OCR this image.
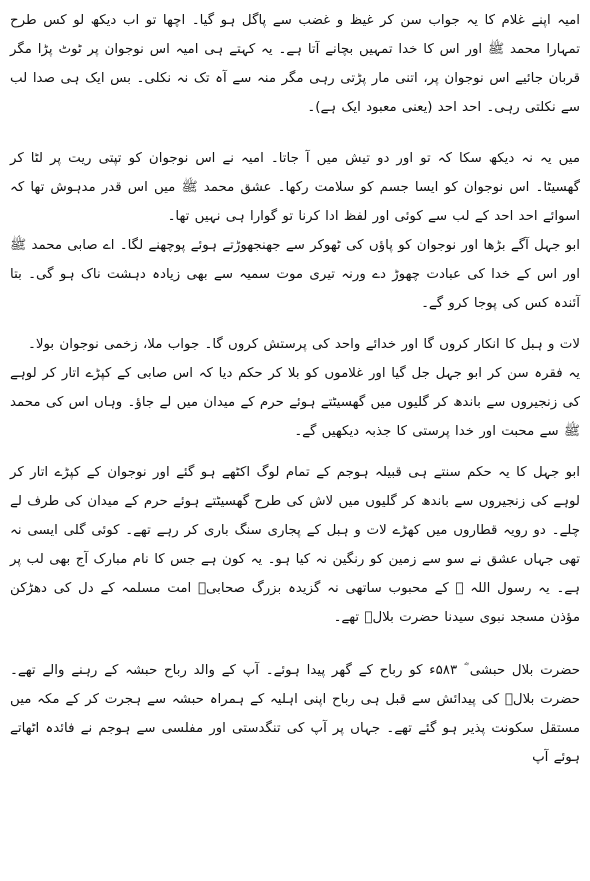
امیہ اپنے غلام کا یہ جواب سن کر غیظ و غضب سے پاگل ہو گیا۔ اچھا تو اب دیکھ لو کس طرح تمہارا محمد ﷺ اور اس کا خدا تمہیں بچانے آتا ہے۔ یہ کہتے ہی امیہ اس نوجوان پر ٹوٹ پڑا مگر قربان جائیے اس نوجوان پر، اتنی مار پڑتی رہی مگر منہ سے آہ تک نہ نکلی۔ بس ایک ہی صدا لب سے نکلتی رہی۔ احد احد (یعنی معبود ایک ہے)۔

میں یہ نہ دیکھ سکا کہ تو اور دو تیش میں آ جاتا۔ امیہ نے اس نوجوان کو تپتی ریت پر لٹا کر گھسیٹا۔ اس نوجوان کو ایسا جسم کو سلامت رکھا۔ عشق محمد ﷺ میں اس قدر مدہوش تھا کہ اسوائے احد احد کے لب سے کوئی اور لفظ ادا کرنا تو گوارا ہی نہیں تھا۔

ابو جہل آگے بڑھا اور نوجوان کو پاؤں کی ٹھوکر سے جھنجھوڑتے ہوئے پوچھنے لگا۔ اے صابی محمد ﷺ اور اس کے خدا کی عبادت چھوڑ دے ورنہ تیری موت سمیہ سے بھی زیادہ دہشت ناک ہو گی۔ بتا آئندہ کس کی پوجا کرو گے۔

لات و ہبل کا انکار کروں گا اور خدائے واحد کی پرستش کروں گا۔ جواب ملا، زخمی نوجوان بولا۔

یہ فقرہ سن کر ابو جہل جل گیا اور غلاموں کو بلا کر حکم دیا کہ اس صابی کے کپڑے اتار کر لوہے کی زنجیروں سے باندھ کر گلیوں میں گھسیٹتے ہوئے حرم کے میدان میں لے جاؤ۔ وہاں اس کی محمد ﷺ سے محبت اور خدا پرستی کا جذبہ دیکھیں گے۔

ابو جہل کا یہ حکم سنتے ہی قبیلہ ہوجم کے تمام لوگ اکٹھے ہو گئے اور نوجوان کے کپڑے اتار کر لوہے کی زنجیروں سے باندھ کر گلیوں میں لاش کی طرح گھسیٹتے ہوئے حرم کے میدان کی طرف لے چلے۔ دو رویہ قطاروں میں کھڑے لات و ہبل کے پجاری سنگ باری کر رہے تھے۔ کوئی گلی ایسی نہ تھی جہاں عشق نے سو سے زمین کو رنگین نہ کیا ہو۔ یہ کون ہے جس کا نام مبارک آج بھی لب پر ہے۔ یہ رسول اللہ ﷺ کے محبوب ساتھی نہ گزیدہ بزرگ صحابیؓ امت مسلمہ کے دل کی دھڑکن مؤذن مسجد نبوی سیدنا حضرت بلالؓ تھے۔

حضرت بلال حبشی ؓ ۵۸۳ء کو رباح کے گھر پیدا ہوئے۔ آپ کے والد رباح حبشہ کے رہنے والے تھے۔ حضرت بلالؓ کی پیدائش سے قبل ہی رباح اپنی اہلیہ کے ہمراہ حبشہ سے ہجرت کر کے مکہ میں مستقل سکونت پذیر ہو گئے تھے۔ جہاں پر آپ کی تنگدستی اور مفلسی سے ہوجم نے فائدہ اٹھاتے ہوئے آپ
